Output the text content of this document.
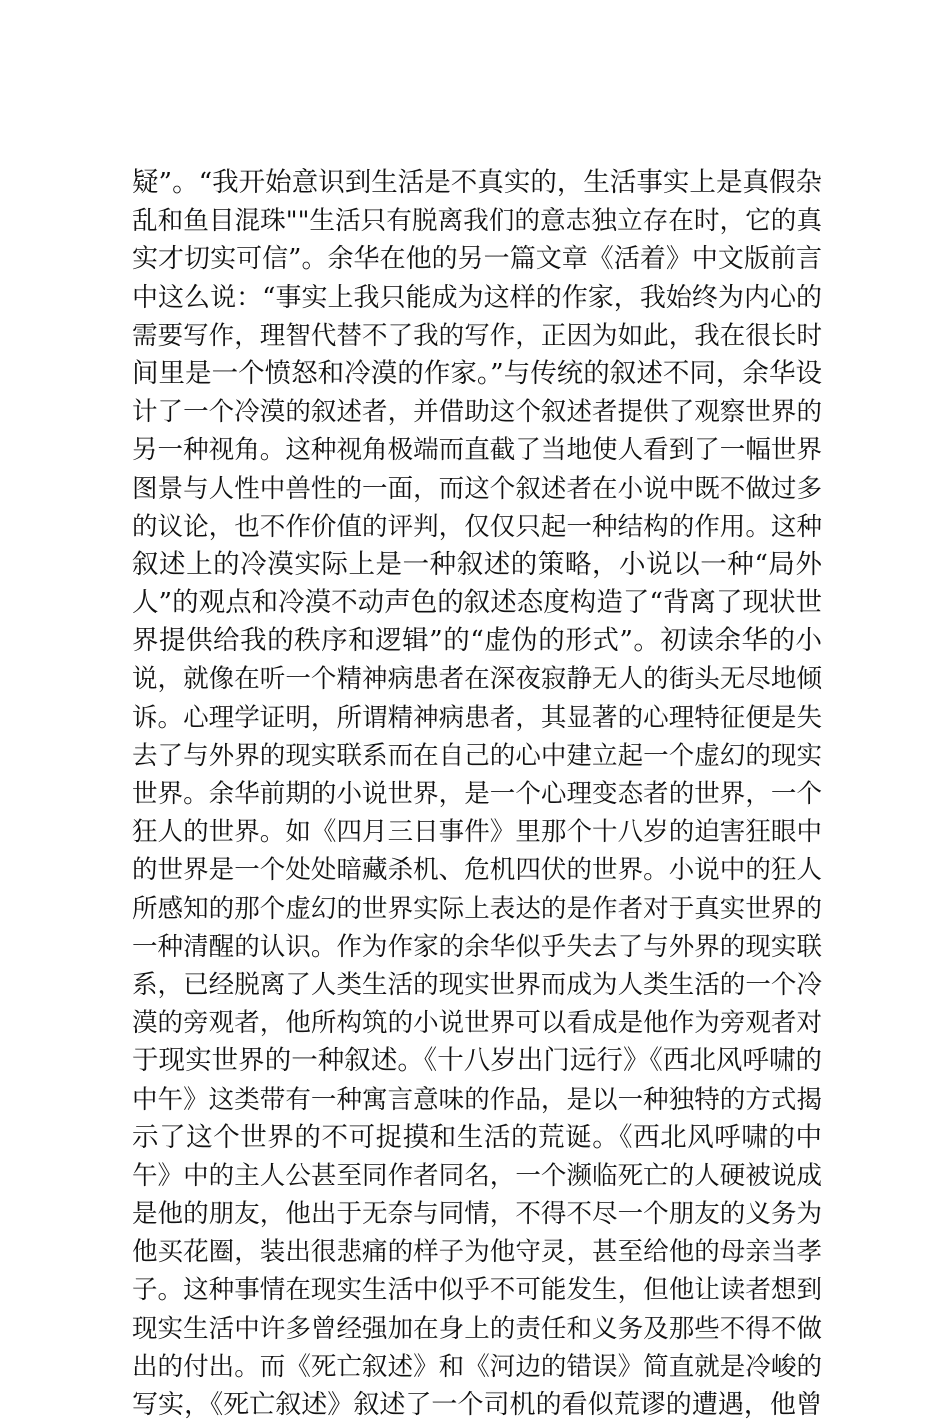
疑”。“我开始意识到生活是不真实的，生活事实上是真假杂
乱和鱼目混珠""生活只有脱离我们的意志独立存在时，它的真
实才切实可信”。余华在他的另一篇文章《活着》中文版前言
中这么说：“事实上我只能成为这样的作家，我始终为内心的
需要写作，理智代替不了我的写作，正因为如此，我在很长时
间里是一个愤怒和冷漠的作家。”与传统的叙述不同，余华设
计了一个冷漠的叙述者，并借助这个叙述者提供了观察世界的
另一种视角。这种视角极端而直截了当地使人看到了一幅世界
图景与人性中兽性的一面，而这个叙述者在小说中既不做过多
的议论，也不作价值的评判，仅仅只起一种结构的作用。这种
叙述上的冷漠实际上是一种叙述的策略，小说以一种“局外
人”的观点和冷漠不动声色的叙述态度构造了“背离了现状世
界提供给我的秩序和逻辑”的“虚伪的形式”。初读余华的小
说，就像在听一个精神病患者在深夜寂静无人的街头无尽地倾
诉。心理学证明，所谓精神病患者，其显著的心理特征便是失
去了与外界的现实联系而在自己的心中建立起一个虚幻的现实
世界。余华前期的小说世界，是一个心理变态者的世界，一个
狂人的世界。如《四月三日事件》里那个十八岁的迫害狂眼中
的世界是一个处处暗藏杀机、危机四伏的世界。小说中的狂人
所感知的那个虚幻的世界实际上表达的是作者对于真实世界的
一种清醒的认识。作为作家的余华似乎失去了与外界的现实联
系，已经脱离了人类生活的现实世界而成为人类生活的一个冷
漠的旁观者，他所构筑的小说世界可以看成是他作为旁观者对
于现实世界的一种叙述。《十八岁出门远行》《西北风呼啸的
中午》这类带有一种寓言意味的作品，是以一种独特的方式揭
示了这个世界的不可捉摸和生活的荒诞。《西北风呼啸的中
午》中的主人公甚至同作者同名，一个濒临死亡的人硬被说成
是他的朋友，他出于无奈与同情，不得不尽一个朋友的义务为
他买花圈，装出很悲痛的样子为他守灵，甚至给他的母亲当孝
子。这种事情在现实生活中似乎不可能发生，但他让读者想到
现实生活中许多曾经强加在身上的责任和义务及那些不得不做
出的付出。而《死亡叙述》和《河边的错误》简直就是冷峻的
写实，《死亡叙述》叙述了一个司机的看似荒谬的遭遇，他曾
